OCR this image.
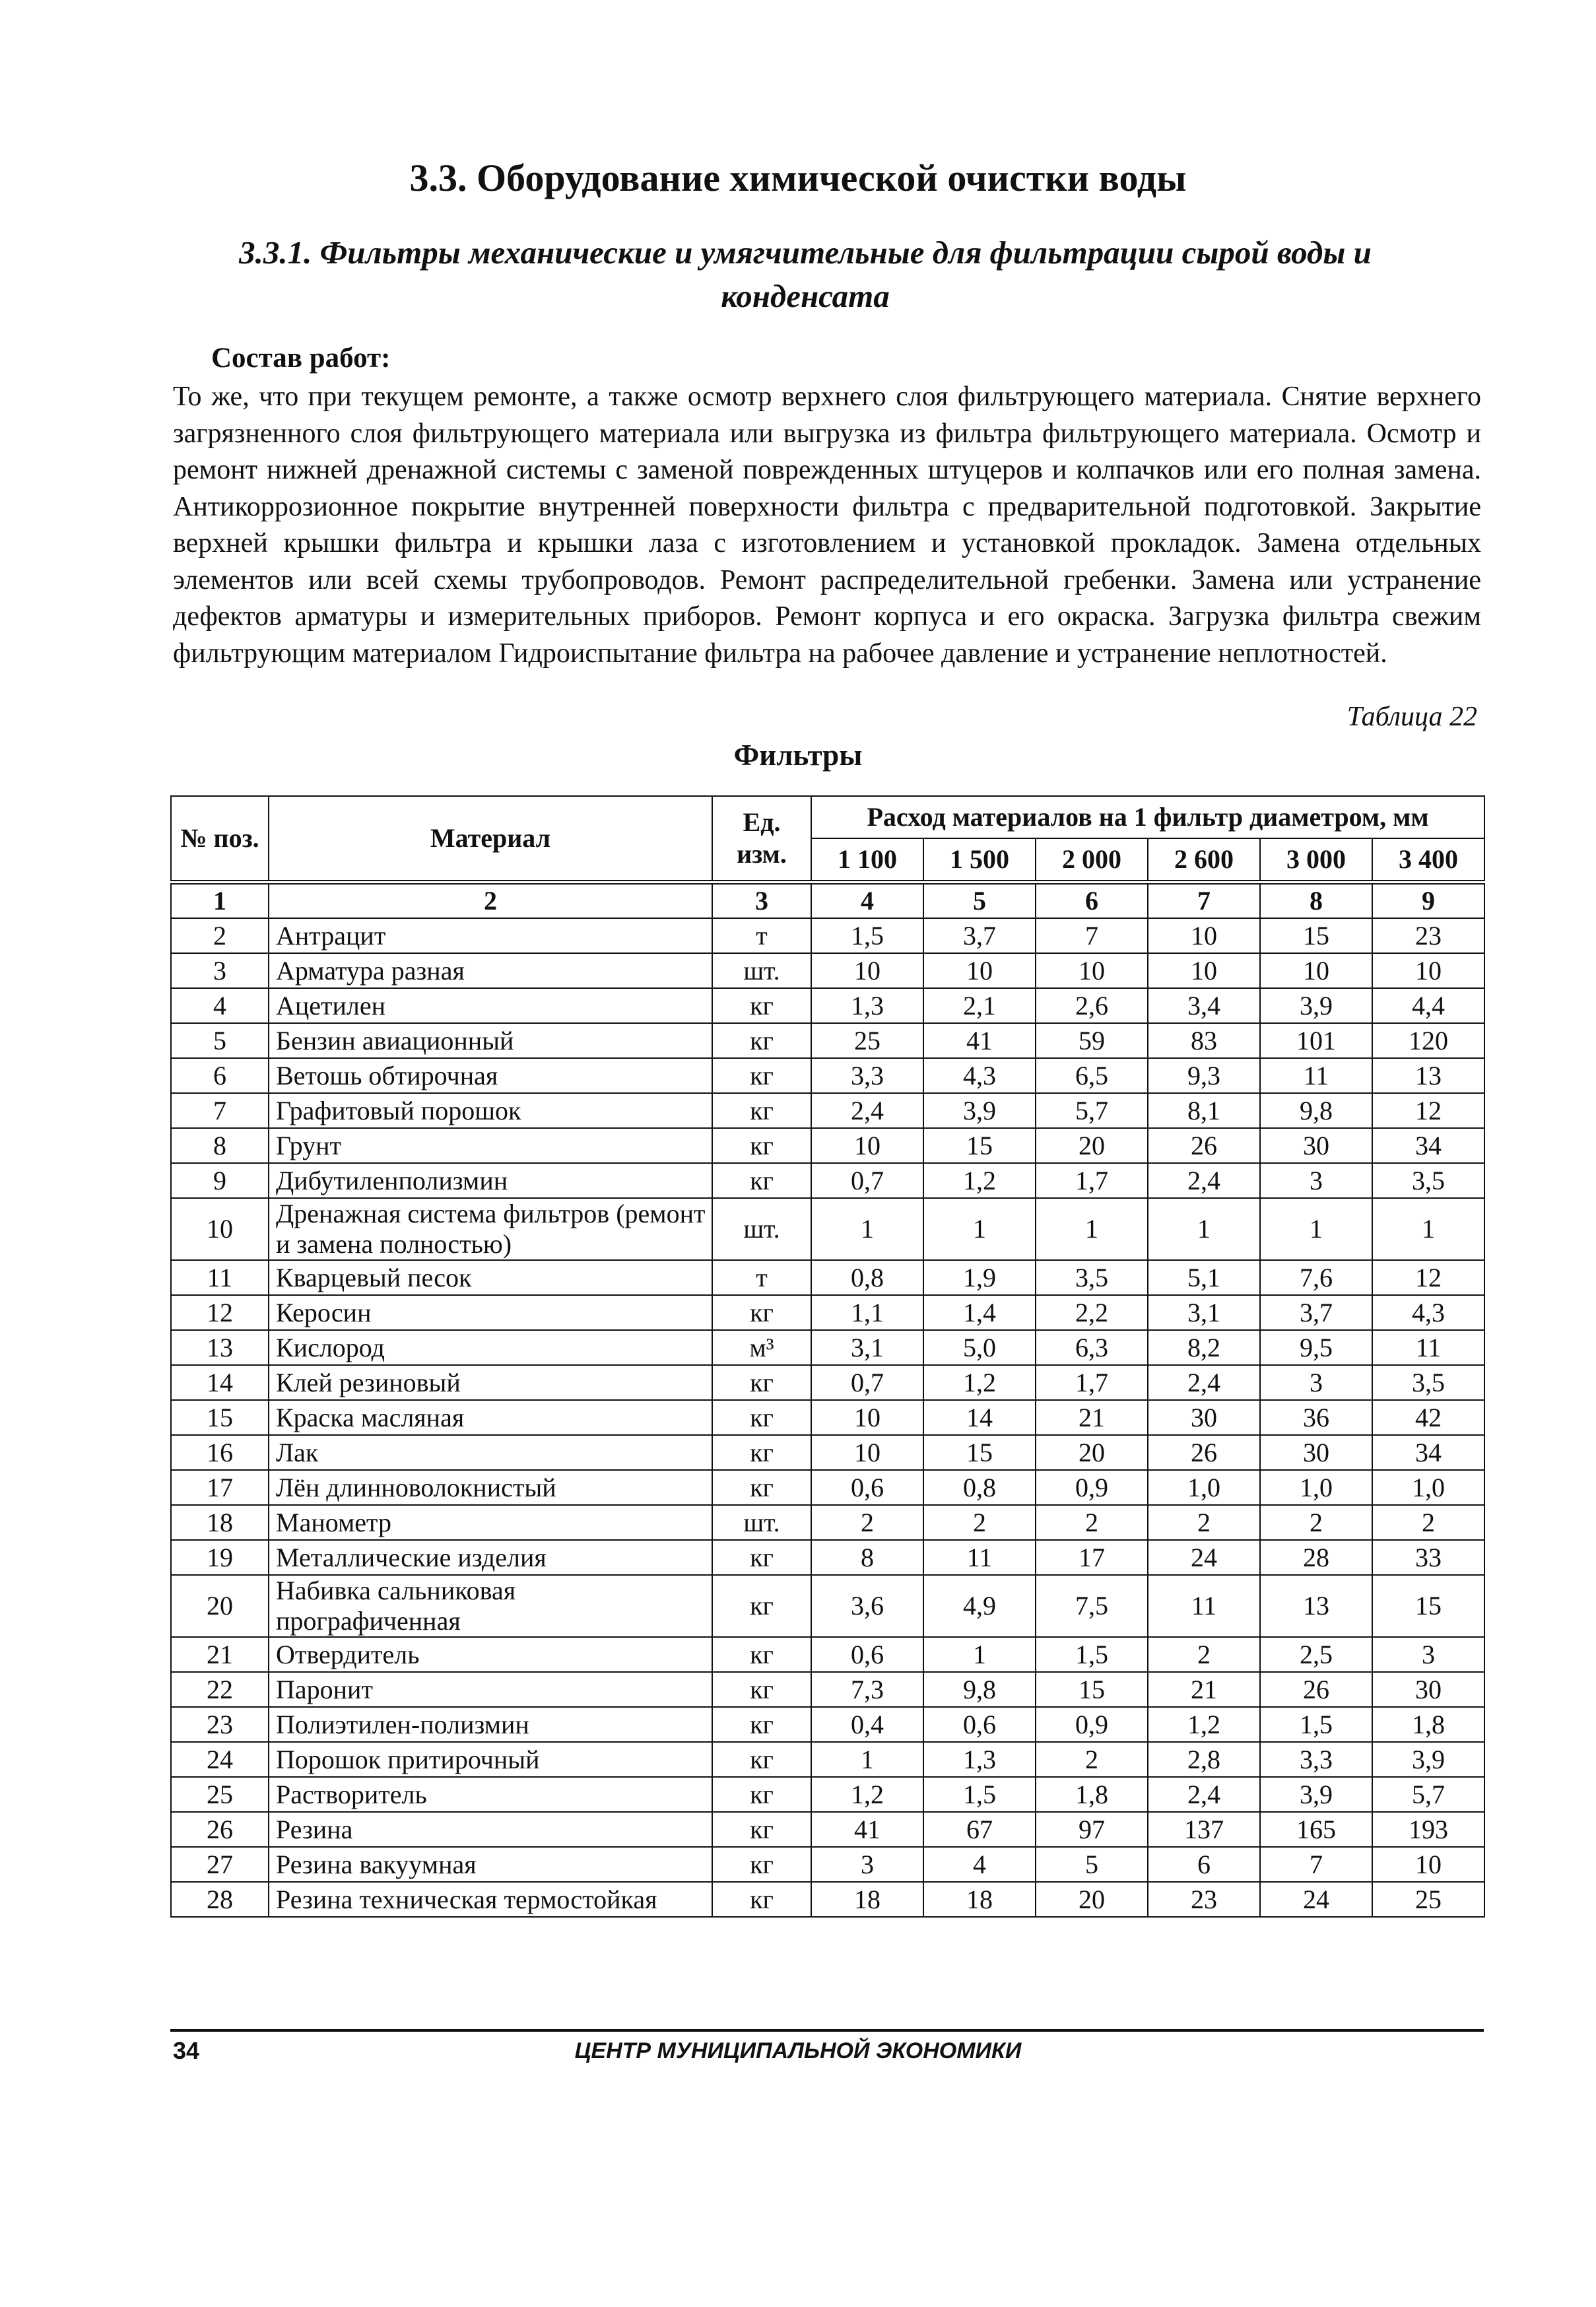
3.3. Оборудование химической очистки воды
3.3.1. Фильтры механические и умягчительные для фильтрации сырой воды и конденсата
Состав работ:
То же, что при текущем ремонте, а также осмотр верхнего слоя фильтрующего материала. Снятие верхнего загрязненного слоя фильтрующего материала или выгрузка из фильтра фильтрующего материала. Осмотр и ремонт нижней дренажной системы с заменой поврежденных штуцеров и колпачков или его полная замена. Антикоррозионное покрытие внутренней поверхности фильтра с предварительной подготовкой. Закрытие верхней крышки фильтра и крышки лаза с изготовлением и установкой прокладок. Замена отдельных элементов или всей схемы трубопроводов. Ремонт распределительной гребенки. Замена или устранение дефектов арматуры и измерительных приборов. Ремонт корпуса и его окраска. Загрузка фильтра свежим фильтрующим материалом Гидроиспытание фильтра на рабочее давление и устранение неплотностей.
Таблица 22
Фильтры
№ поз.	Материал	Ед. изм.	Расход материалов на 1 фильтр диаметром, мм					
			1 100	1 500	2 000	2 600	3 000	3 400
1	2	3	4	5	6	7	8	9
2	Антрацит	т	1,5	3,7	7	10	15	23
3	Арматура разная	шт.	10	10	10	10	10	10
4	Ацетилен	кг	1,3	2,1	2,6	3,4	3,9	4,4
5	Бензин авиационный	кг	25	41	59	83	101	120
6	Ветошь обтирочная	кг	3,3	4,3	6,5	9,3	11	13
7	Графитовый порошок	кг	2,4	3,9	5,7	8,1	9,8	12
8	Грунт	кг	10	15	20	26	30	34
9	Дибутиленполизмин	кг	0,7	1,2	1,7	2,4	3	3,5
10	Дренажная система фильтров (ремонт и замена полностью)	шт.	1	1	1	1	1	1
11	Кварцевый песок	т	0,8	1,9	3,5	5,1	7,6	12
12	Керосин	кг	1,1	1,4	2,2	3,1	3,7	4,3
13	Кислород	м³	3,1	5,0	6,3	8,2	9,5	11
14	Клей резиновый	кг	0,7	1,2	1,7	2,4	3	3,5
15	Краска масляная	кг	10	14	21	30	36	42
16	Лак	кг	10	15	20	26	30	34
17	Лён длинноволокнистый	кг	0,6	0,8	0,9	1,0	1,0	1,0
18	Манометр	шт.	2	2	2	2	2	2
19	Металлические изделия	кг	8	11	17	24	28	33
20	Набивка сальниковая прографиченная	кг	3,6	4,9	7,5	11	13	15
21	Отвердитель	кг	0,6	1	1,5	2	2,5	3
22	Паронит	кг	7,3	9,8	15	21	26	30
23	Полиэтилен-полизмин	кг	0,4	0,6	0,9	1,2	1,5	1,8
24	Порошок притирочный	кг	1	1,3	2	2,8	3,3	3,9
25	Растворитель	кг	1,2	1,5	1,8	2,4	3,9	5,7
26	Резина	кг	41	67	97	137	165	193
27	Резина вакуумная	кг	3	4	5	6	7	10
28	Резина техническая термостойкая	кг	18	18	20	23	24	25
34	ЦЕНТР МУНИЦИПАЛЬНОЙ ЭКОНОМИКИ
